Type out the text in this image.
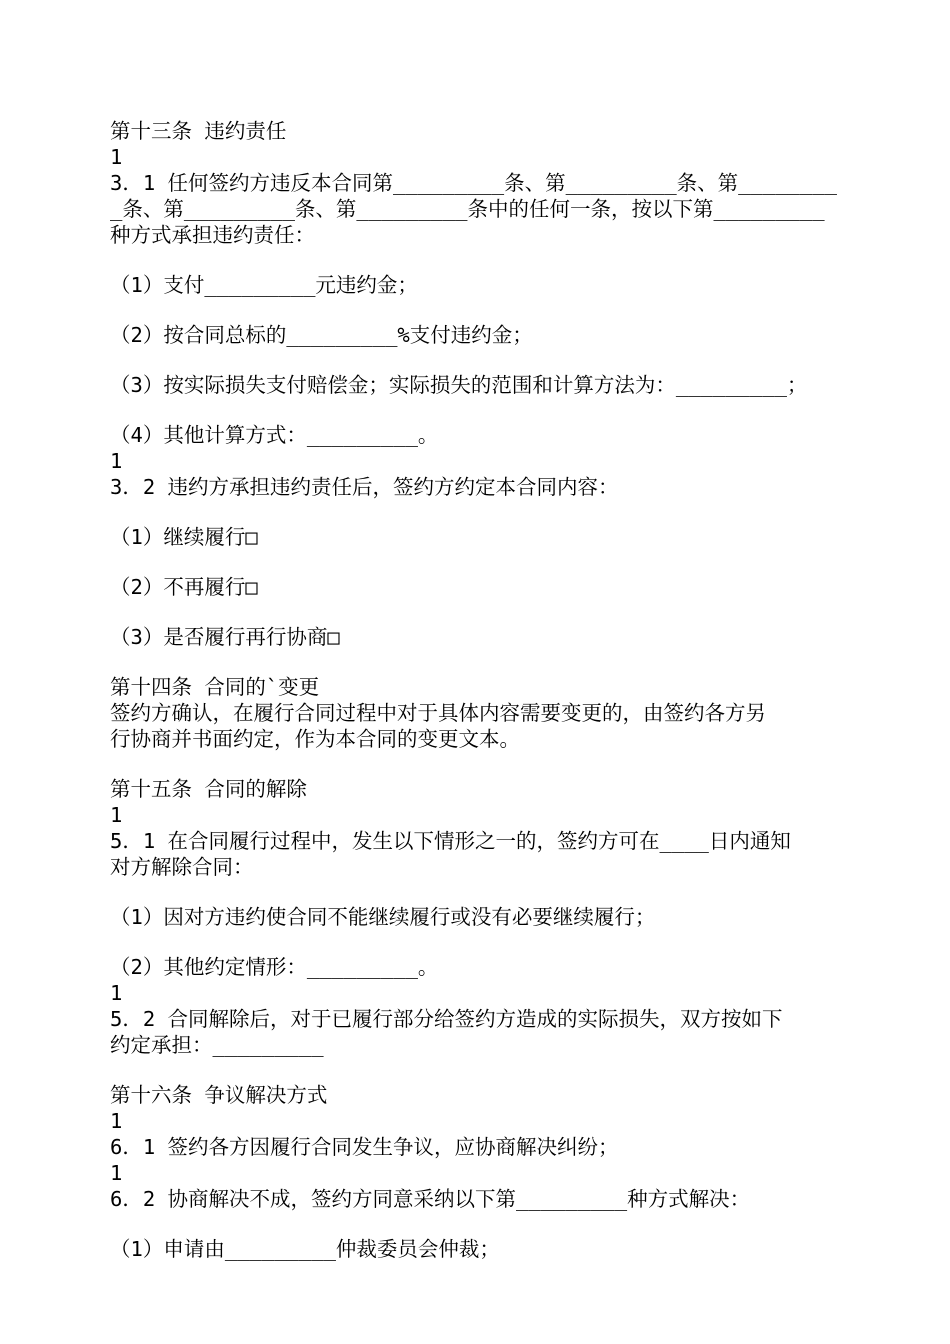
第十三条 违约责任
1
3．1 任何签约方违反本合同第_________条、第_________条、第________
_条、第_________条、第_________条中的任何一条，按以下第_________
种方式承担违约责任：
（1）支付_________元违约金；
（2）按合同总标的_________%支付违约金；
（3）按实际损失支付赔偿金；实际损失的范围和计算方法为：_________；
（4）其他计算方式：_________。
1
3．2 违约方承担违约责任后，签约方约定本合同内容：
（1）继续履行□
（2）不再履行□
（3）是否履行再行协商□
第十四条 合同的`变更
签约方确认，在履行合同过程中对于具体内容需要变更的，由签约各方另
行协商并书面约定，作为本合同的变更文本。
第十五条 合同的解除
1
5．1 在合同履行过程中，发生以下情形之一的，签约方可在____日内通知
对方解除合同：
（1）因对方违约使合同不能继续履行或没有必要继续履行；
（2）其他约定情形：_________。
1
5．2 合同解除后，对于已履行部分给签约方造成的实际损失，双方按如下
约定承担：_________
第十六条 争议解决方式
1
6．1 签约各方因履行合同发生争议，应协商解决纠纷；
1
6．2 协商解决不成，签约方同意采纳以下第_________种方式解决：
（1）申请由_________仲裁委员会仲裁；
